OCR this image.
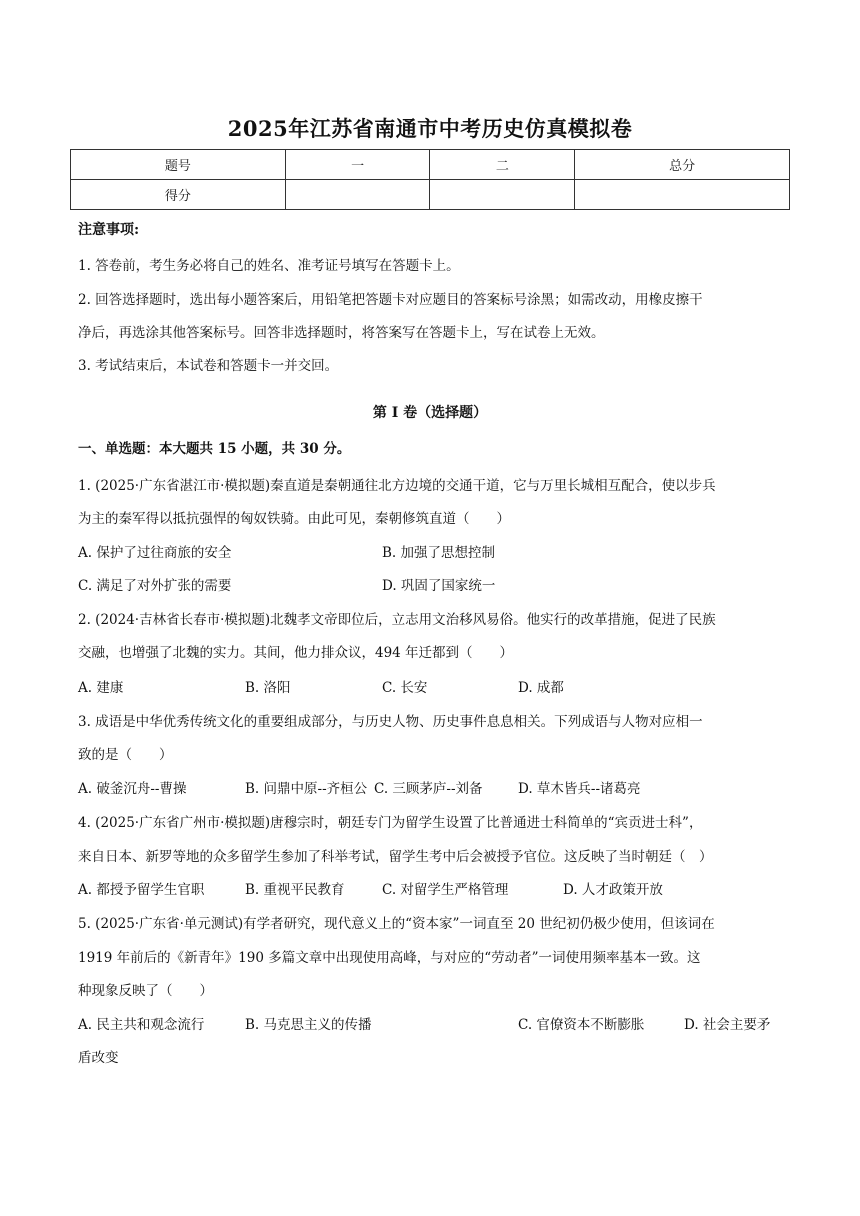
2025年江苏省南通市中考历史仿真模拟卷
题号	一	二	总分
得分			
注意事项:
1. 答卷前，考生务必将自己的姓名、准考证号填写在答题卡上。
2. 回答选择题时，选出每小题答案后，用铅笔把答题卡对应题目的答案标号涂黑；如需改动，用橡皮擦干
净后，再选涂其他答案标号。回答非选择题时，将答案写在答题卡上，写在试卷上无效。
3. 考试结束后，本试卷和答题卡一并交回。
第 I 卷（选择题）
一、单选题：本大题共 15 小题，共 30 分。
1. (2025·广东省湛江市·模拟题)秦直道是秦朝通往北方边境的交通干道，它与万里长城相互配合，使以步兵
为主的秦军得以抵抗强悍的匈奴铁骑。由此可见，秦朝修筑直道（　　）
A. 保护了过往商旅的安全	B. 加强了思想控制
C. 满足了对外扩张的需要	D. 巩固了国家统一
2. (2024·吉林省长春市·模拟题)北魏孝文帝即位后，立志用文治移风易俗。他实行的改革措施，促进了民族
交融，也增强了北魏的实力。其间，他力排众议，494 年迁都到（　　）
A. 建康	B. 洛阳	C. 长安	D. 成都
3. 成语是中华优秀传统文化的重要组成部分，与历史人物、历史事件息息相关。下列成语与人物对应相一
致的是（　　）
A. 破釜沉舟--曹操	B. 问鼎中原--齐桓公 C. 三顾茅庐--刘备	D. 草木皆兵--诸葛亮
4. (2025·广东省广州市·模拟题)唐穆宗时，朝廷专门为留学生设置了比普通进士科简单的“宾贡进士科”，
来自日本、新罗等地的众多留学生参加了科举考试，留学生考中后会被授予官位。这反映了当时朝廷（　）
A. 都授予留学生官职	B. 重视平民教育	C. 对留学生严格管理	D. 人才政策开放
5. (2025·广东省·单元测试)有学者研究，现代意义上的“资本家”一词直至 20 世纪初仍极少使用，但该词在
1919 年前后的《新青年》190 多篇文章中出现使用高峰，与对应的“劳动者”一词使用频率基本一致。这
种现象反映了（　　）
A. 民主共和观念流行	B. 马克思主义的传播	C. 官僚资本不断膨胀	D. 社会主要矛
盾改变
